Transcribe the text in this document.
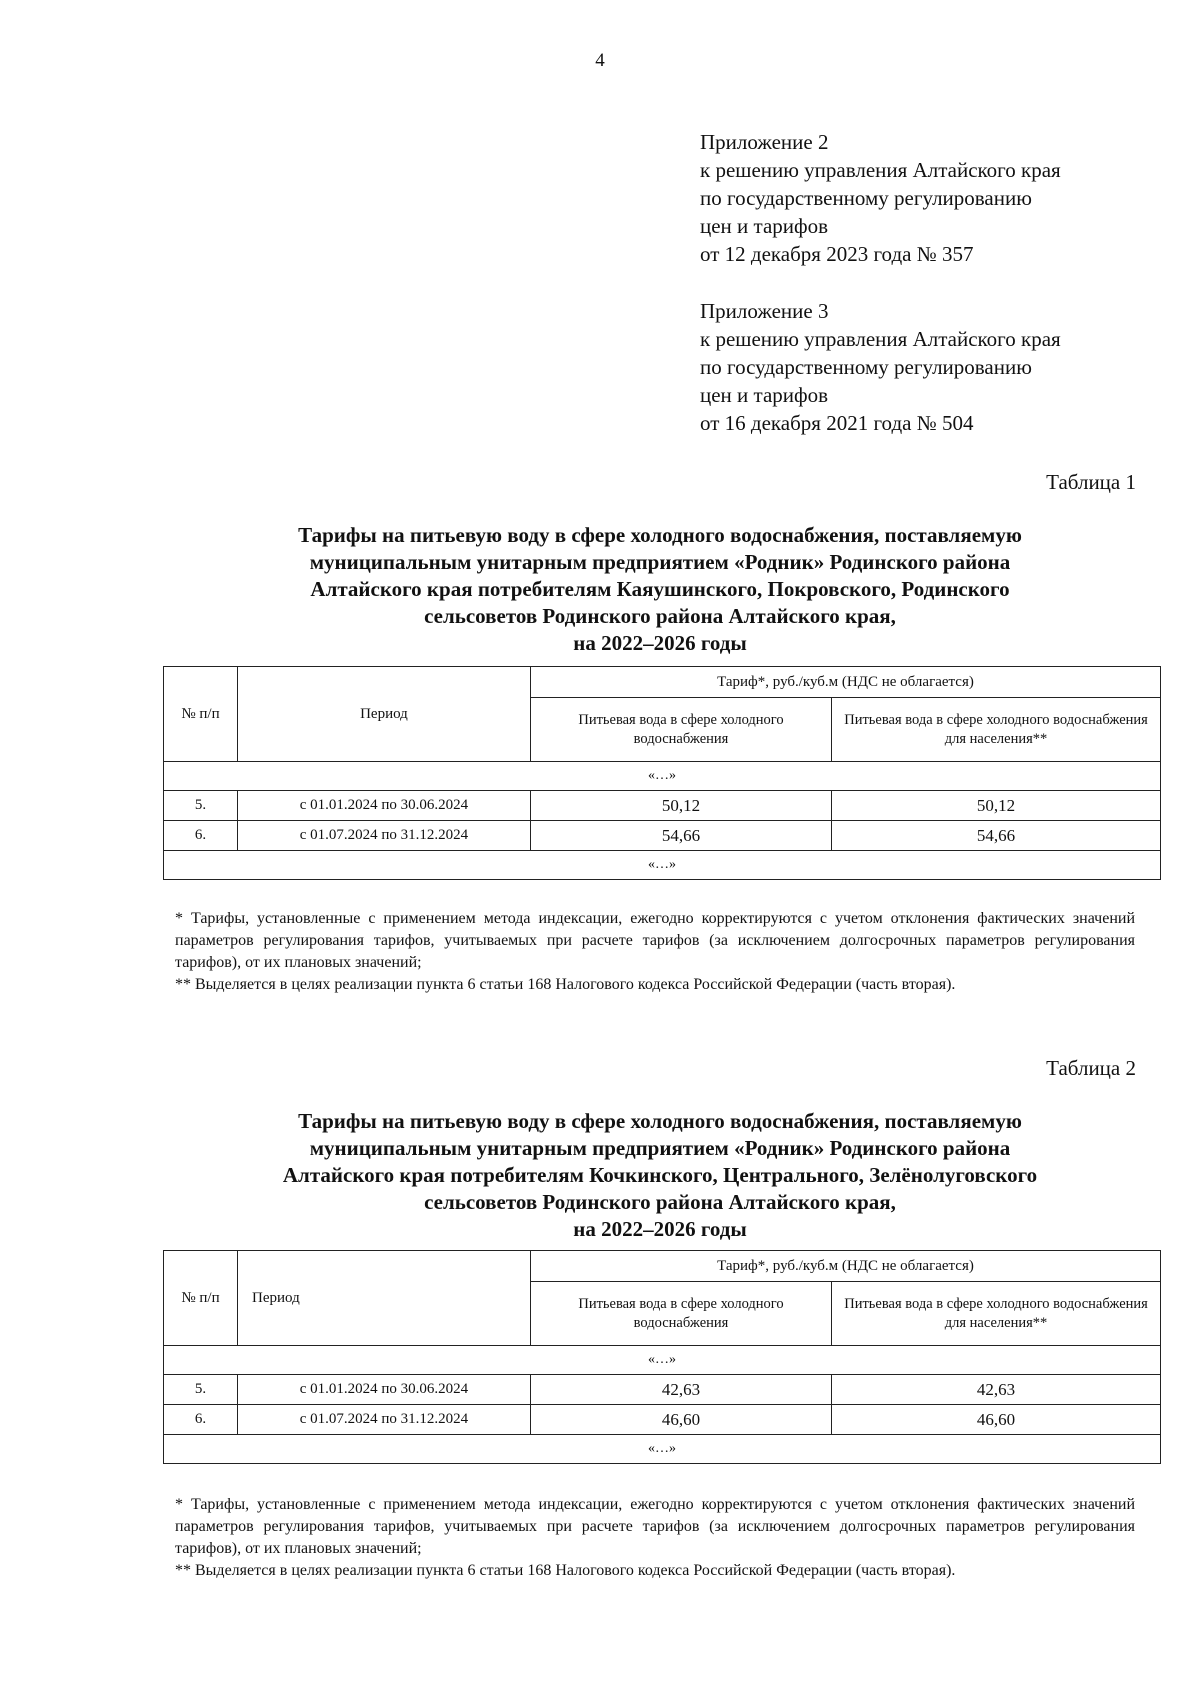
4
Приложение 2
к решению управления Алтайского края
по государственному регулированию
цен и тарифов
от 12 декабря 2023 года № 357
Приложение 3
к решению управления Алтайского края
по государственному регулированию
цен и тарифов
от 16 декабря 2021 года № 504
Таблица 1
Тарифы на питьевую воду в сфере холодного водоснабжения, поставляемую
муниципальным унитарным предприятием «Родник» Родинского района
Алтайского края потребителям Каяушинского, Покровского, Родинского
сельсоветов Родинского района Алтайского края,
на 2022–2026 годы
№ п/п	Период	Тариф*, руб./куб.м (НДС не облагается)	
		Питьевая вода в сфере холодного водоснабжения	Питьевая вода в сфере холодного водоснабжения для населения**
«…»			
5.	с 01.01.2024 по 30.06.2024	50,12	50,12
6.	с 01.07.2024 по 31.12.2024	54,66	54,66
«…»			
* Тарифы, установленные с применением метода индексации, ежегодно корректируются с учетом отклонения фактических значений параметров регулирования тарифов, учитываемых при расчете тарифов (за исключением долгосрочных параметров регулирования тарифов), от их плановых значений;
** Выделяется в целях реализации пункта 6 статьи 168 Налогового кодекса Российской Федерации (часть вторая).
Таблица 2
Тарифы на питьевую воду в сфере холодного водоснабжения, поставляемую
муниципальным унитарным предприятием «Родник» Родинского района
Алтайского края потребителям Кочкинского, Центрального, Зелёнолуговского
сельсоветов Родинского района Алтайского края,
на 2022–2026 годы
№ п/п	Период	Тариф*, руб./куб.м (НДС не облагается)	
		Питьевая вода в сфере холодного водоснабжения	Питьевая вода в сфере холодного водоснабжения для населения**
«…»			
5.	с 01.01.2024 по 30.06.2024	42,63	42,63
6.	с 01.07.2024 по 31.12.2024	46,60	46,60
«…»			
* Тарифы, установленные с применением метода индексации, ежегодно корректируются с учетом отклонения фактических значений параметров регулирования тарифов, учитываемых при расчете тарифов (за исключением долгосрочных параметров регулирования тарифов), от их плановых значений;
** Выделяется в целях реализации пункта 6 статьи 168 Налогового кодекса Российской Федерации (часть вторая).
